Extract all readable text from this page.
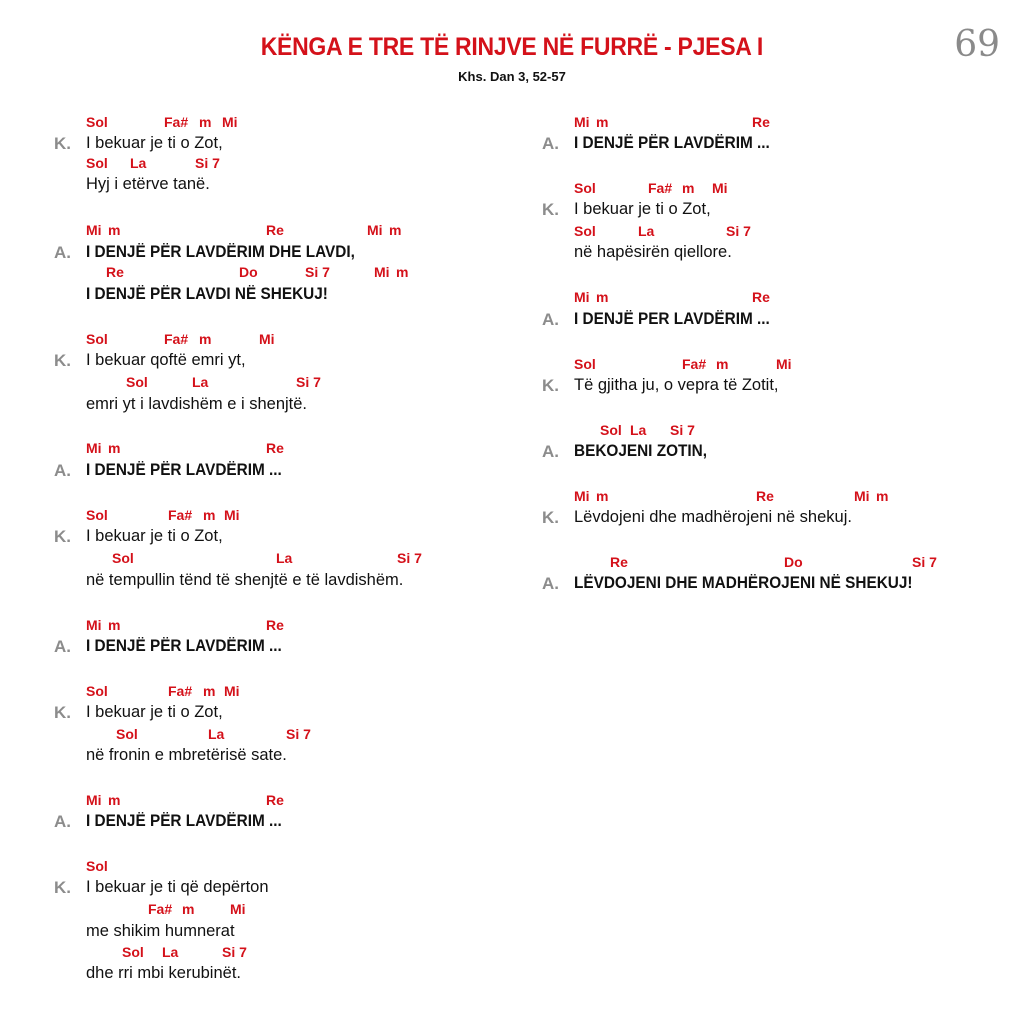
KËNGA E TRE TË RINJVE NË FURRË - PJESA I
Khs. Dan 3, 52-57
69
Sol	Fa# m Mi
K. I bekuar je ti o Zot,
Sol La	Si 7
Hyj i etërve tanë.
Mi m	Re	Mi m
A. I DENJË PËR LAVDËRIM DHE LAVDI,
Re	Do	Si 7	Mi m
I DENJË PËR LAVDI NË SHEKUJ!
Sol	Fa# m	Mi
K. I bekuar qoftë emri yt,
Sol	La	Si 7
emri yt i lavdishëm e i shenjtë.
Mi m	Re
A. I DENJË PËR LAVDËRIM ...
Sol	Fa# m Mi
K. I bekuar je ti o Zot,
Sol	La	Si 7
në tempullin tënd të shenjtë e të lavdishëm.
Mi m	Re
A. I DENJË PËR LAVDËRIM ...
Sol	Fa# m Mi
K. I bekuar je ti o Zot,
Sol	La	Si 7
në fronin e mbretërisë sate.
Mi m	Re
A. I DENJË PËR LAVDËRIM ...
Sol
K. I bekuar je ti që depërton
Fa# m	Mi
me shikim humnerat
Sol La	Si 7
dhe rri mbi kerubinët.
Mi m	Re
A. I DENJË PËR LAVDËRIM ...
Sol	Fa# m Mi
K. I bekuar je ti o Zot,
Sol	La	Si 7
në hapësirën qiellore.
Mi m	Re
A. I DENJË PER LAVDËRIM ...
Sol	Fa# m	Mi
K. Të gjitha ju, o vepra të Zotit,
Sol La Si 7
A. BEKOJENI ZOTIN,
Mi m	Re	Mi m
K. Lëvdojeni dhe madhërojeni në shekuj.
Re	Do	Si 7
A. LËVDOJENI DHE MADHËROJENI NË SHEKUJ!
